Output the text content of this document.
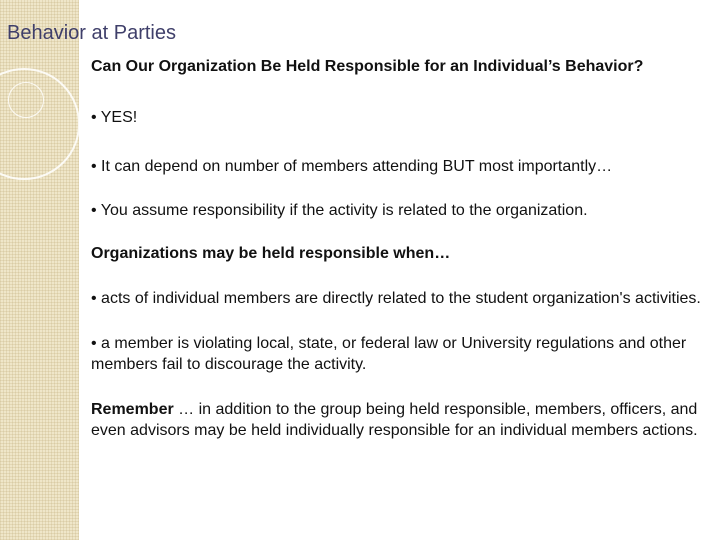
Behavior at Parties

Can Our Organization Be Held Responsible for an Individual’s Behavior?

• YES!

• It can depend on number of members attending BUT most importantly…

• You assume responsibility if the activity is related to the organization.

Organizations may be held responsible when…

• acts of individual members are directly related to the student organization's activities.

• a member is violating local, state, or federal law or University regulations and other members fail to discourage the activity.

Remember … in addition to the group being held responsible, members, officers, and even advisors may be held individually responsible for an individual members actions.
